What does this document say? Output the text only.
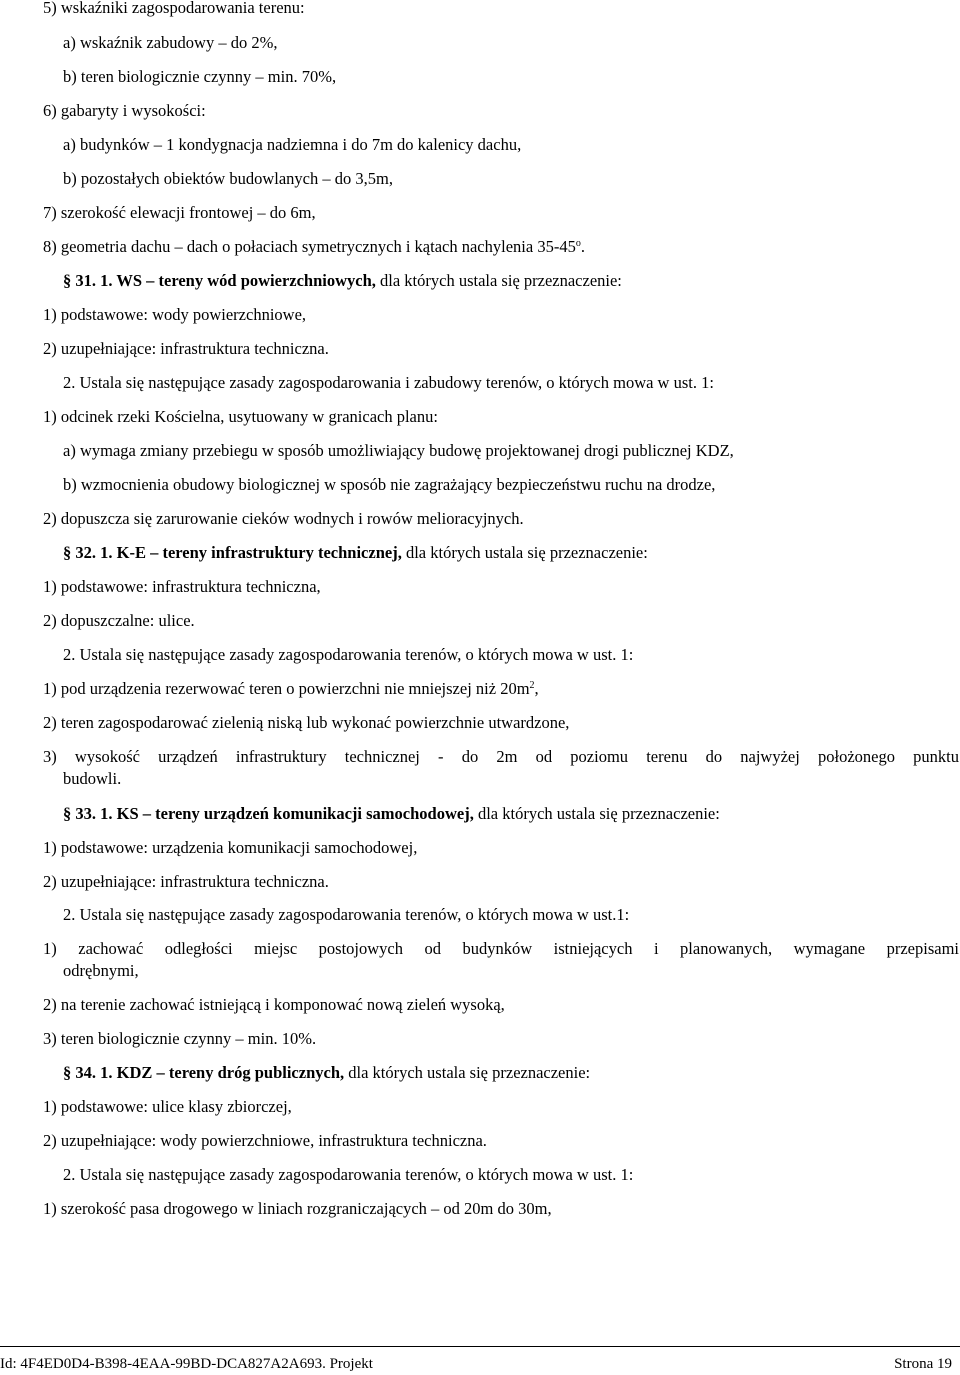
5) wskaźniki zagospodarowania terenu:
a) wskaźnik zabudowy – do 2%,
b) teren biologicznie czynny – min. 70%,
6) gabaryty i wysokości:
a) budynków – 1 kondygnacja nadziemna i do 7m do kalenicy dachu,
b) pozostałych obiektów budowlanych – do 3,5m,
7) szerokość elewacji frontowej – do 6m,
8) geometria dachu – dach o połaciach symetrycznych i kątach nachylenia 35-45$^o$.
§ 31. 1. WS – tereny wód powierzchniowych, dla których ustala się przeznaczenie:
1) podstawowe: wody powierzchniowe,
2) uzupełniające: infrastruktura techniczna.
2. Ustala się następujące zasady zagospodarowania i zabudowy terenów, o których mowa w ust. 1:
1) odcinek rzeki Kościelna, usytuowany w granicach planu:
a) wymaga zmiany przebiegu w sposób umożliwiający budowę projektowanej drogi publicznej KDZ,
b) wzmocnienia obudowy biologicznej w sposób nie zagrażający bezpieczeństwu ruchu na drodze,
2) dopuszcza się zarurowanie cieków wodnych i rowów melioracyjnych.
§ 32. 1. K-E – tereny infrastruktury technicznej, dla których ustala się przeznaczenie:
1) podstawowe: infrastruktura techniczna,
2) dopuszczalne: ulice.
2. Ustala się następujące zasady zagospodarowania terenów, o których mowa w ust. 1:
1) pod urządzenia rezerwować teren o powierzchni nie mniejszej niż $20m^2$,
2) teren zagospodarować zielenią niską lub wykonać powierzchnie utwardzone,
3) wysokość urządzeń infrastruktury technicznej - do 2m od poziomu terenu do najwyżej położonego punktu
budowli.
§ 33. 1. KS – tereny urządzeń komunikacji samochodowej, dla których ustala się przeznaczenie:
1) podstawowe: urządzenia komunikacji samochodowej,
2) uzupełniające: infrastruktura techniczna.
2. Ustala się następujące zasady zagospodarowania terenów, o których mowa w ust.1:
1) zachować odległości miejsc postojowych od budynków istniejących i planowanych, wymagane przepisami
odrębnymi,
2) na terenie zachować istniejącą i komponować nową zieleń wysoką,
3) teren biologicznie czynny – min. 10%.
§ 34. 1. KDZ – tereny dróg publicznych, dla których ustala się przeznaczenie:
1) podstawowe: ulice klasy zbiorczej,
2) uzupełniające: wody powierzchniowe, infrastruktura techniczna.
2. Ustala się następujące zasady zagospodarowania terenów, o których mowa w ust. 1:
1) szerokość pasa drogowego w liniach rozgraniczających – od 20m do 30m,
Id: 4F4ED0D4-B398-4EAA-99BD-DCA827A2A693. Projekt	Strona 19
